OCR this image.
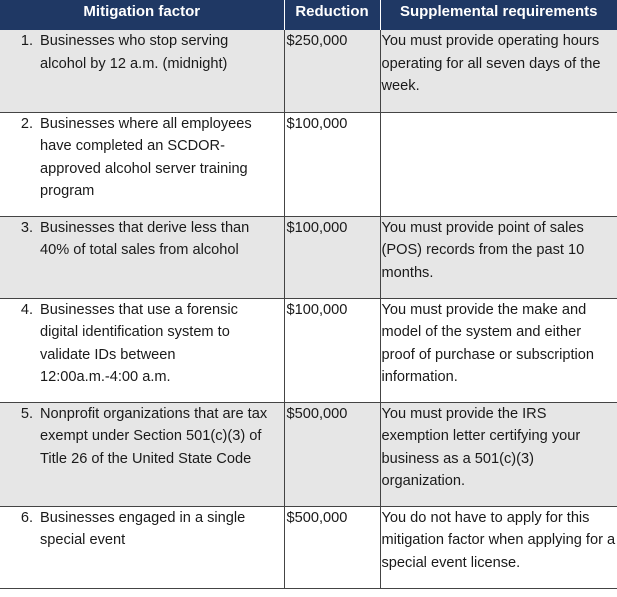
Mitigation factor	Reduction	Supplemental requirements

1. Businesses who stop serving alcohol by 12 a.m. (midnight)	$250,000	You must provide operating hours operating for all seven days of the week.

2. Businesses where all employees have completed an SCDOR-approved alcohol server training program	$100,000	

3. Businesses that derive less than 40% of total sales from alcohol	$100,000	You must provide point of sales (POS) records from the past 10 months.

4. Businesses that use a forensic digital identification system to validate IDs between 12:00a.m.-4:00 a.m.	$100,000	You must provide the make and model of the system and either proof of purchase or subscription information.

5. Nonprofit organizations that are tax exempt under Section 501(c)(3) of Title 26 of the United State Code	$500,000	You must provide the IRS exemption letter certifying your business as a 501(c)(3) organization.

6. Businesses engaged in a single special event	$500,000	You do not have to apply for this mitigation factor when applying for a special event license.
